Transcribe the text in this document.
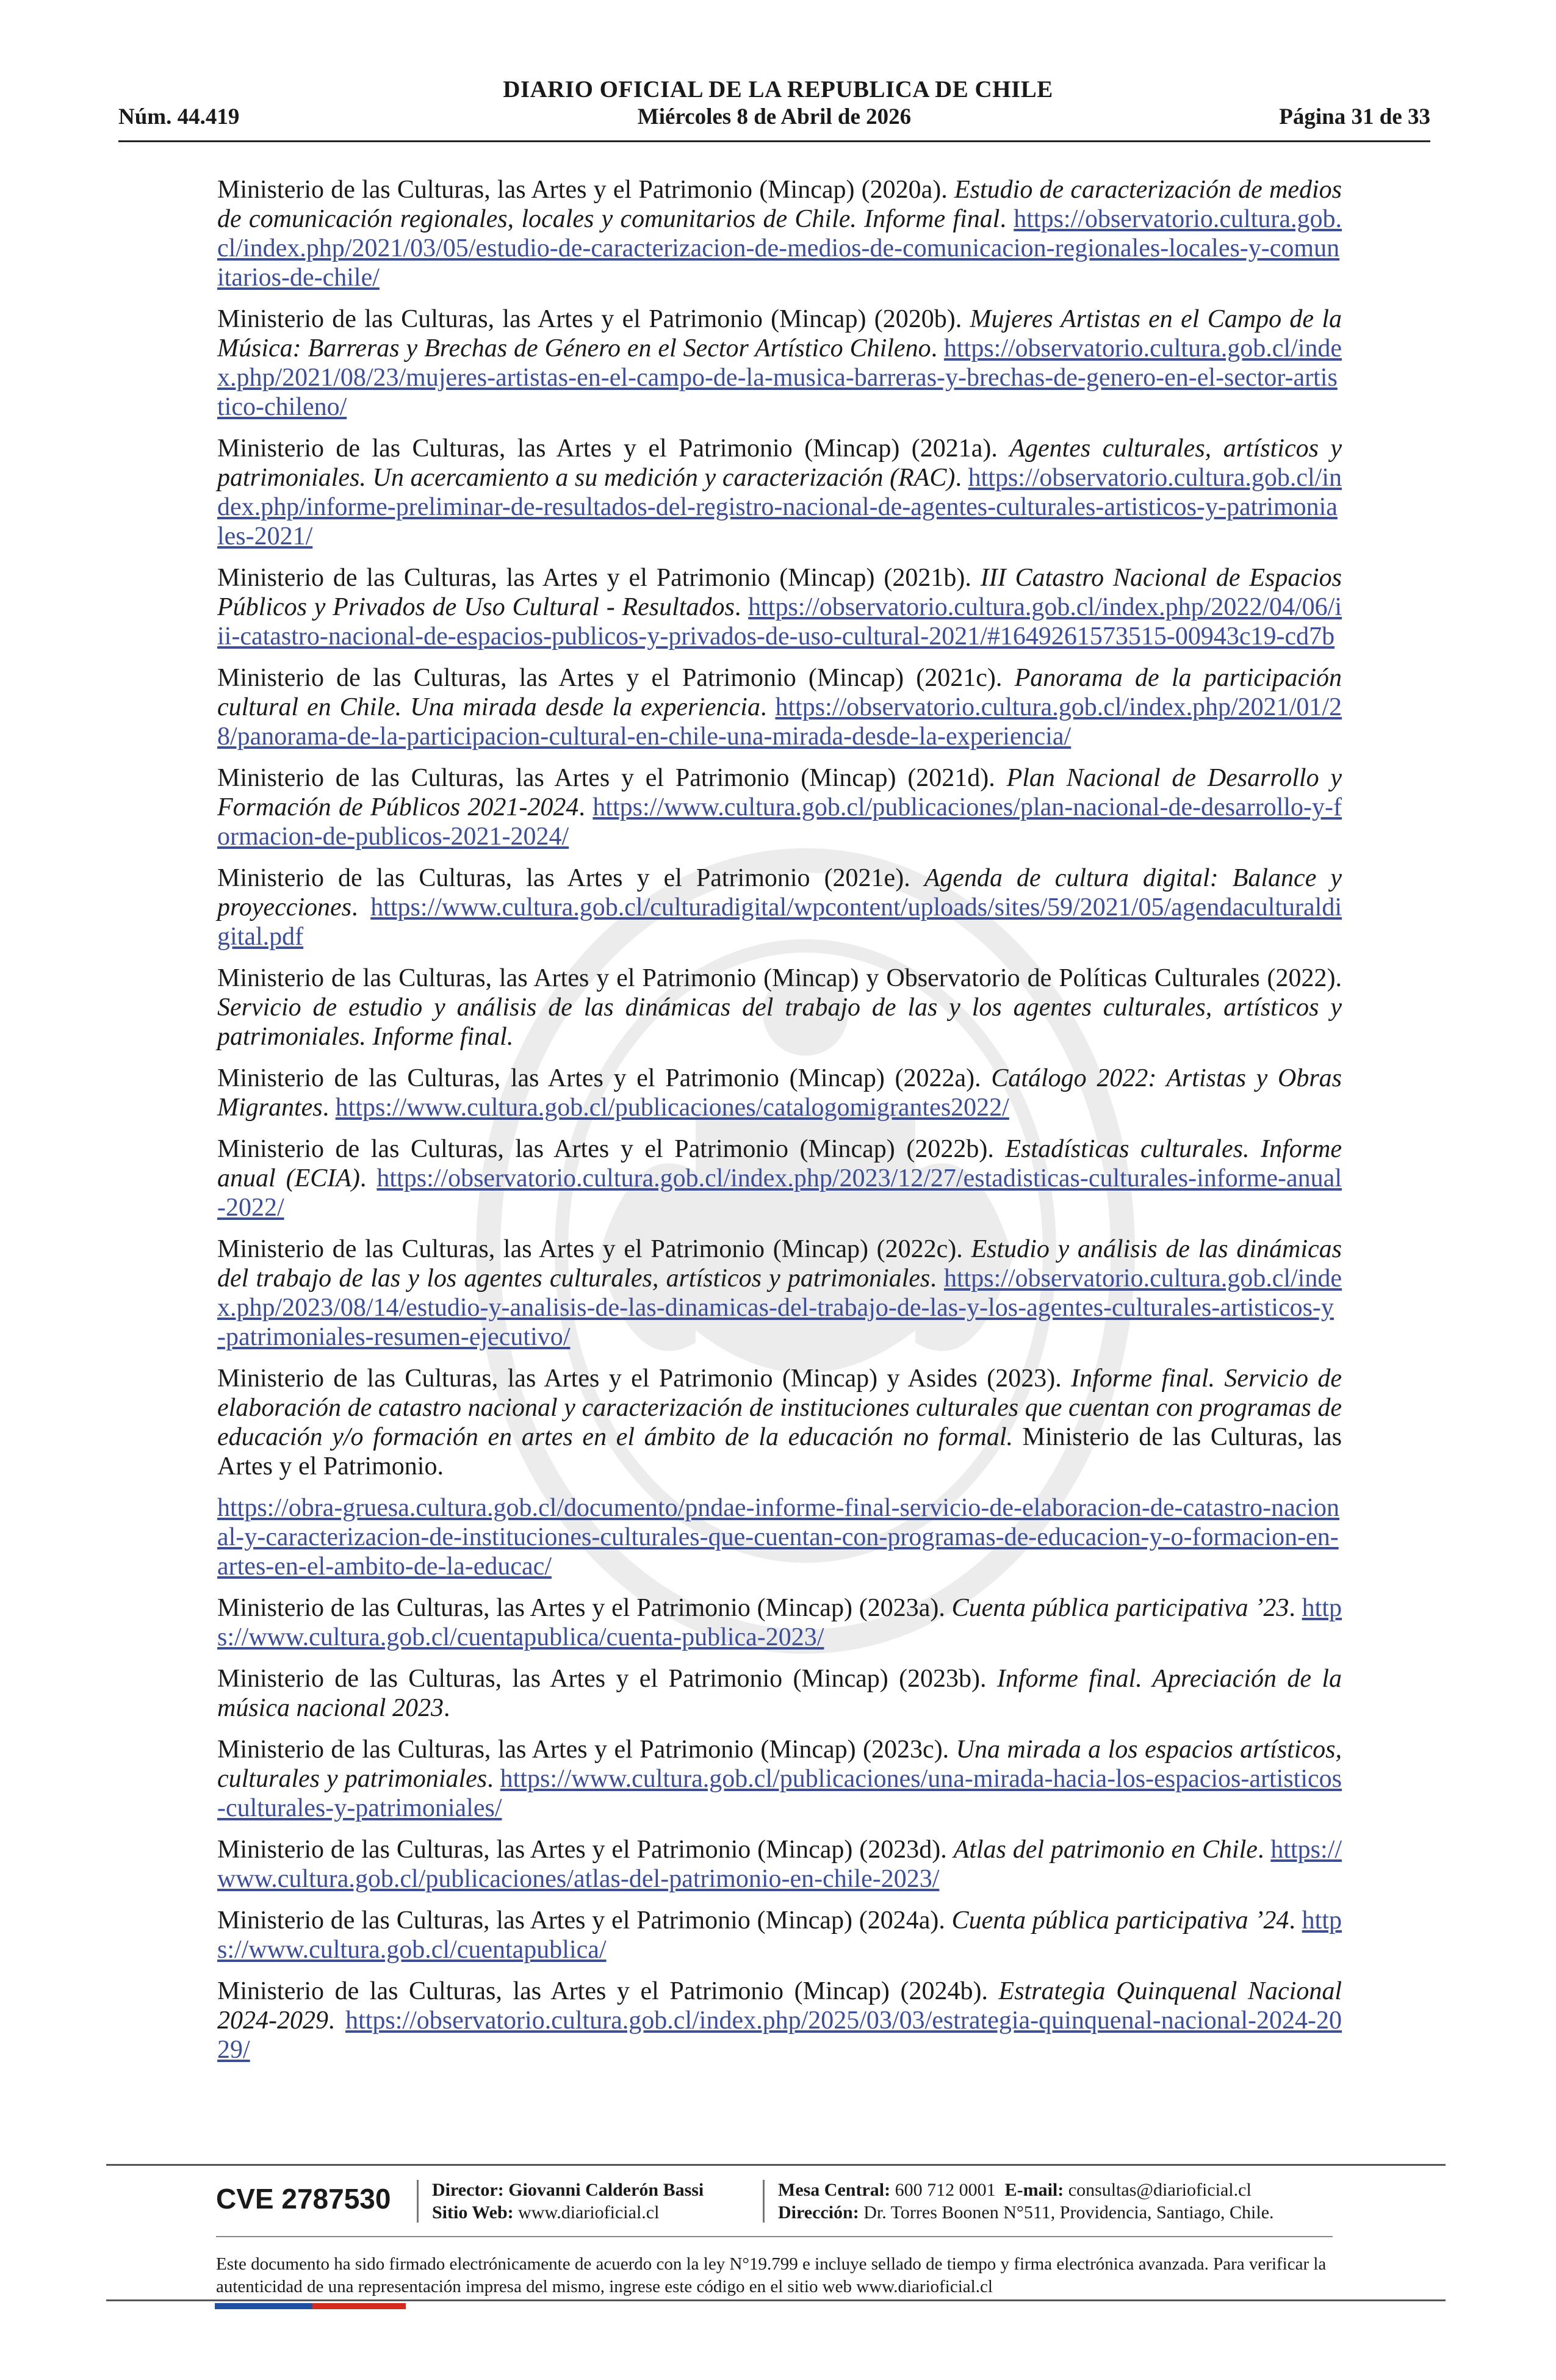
DIARIO OFICIAL DE LA REPUBLICA DE CHILE
Miércoles 8 de Abril de 2026
Núm. 44.419	Página 31 de 33

Ministerio de las Culturas, las Artes y el Patrimonio (Mincap) (2020a). Estudio de caracterización de medios de comunicación regionales, locales y comunitarios de Chile. Informe final. https://observatorio.cultura.gob.cl/index.php/2021/03/05/estudio-de-caracterizacion-de-medios-de-comunicacion-regionales-locales-y-comunitarios-de-chile/

Ministerio de las Culturas, las Artes y el Patrimonio (Mincap) (2020b). Mujeres Artistas en el Campo de la Música: Barreras y Brechas de Género en el Sector Artístico Chileno. https://observatorio.cultura.gob.cl/index.php/2021/08/23/mujeres-artistas-en-el-campo-de-la-musica-barreras-y-brechas-de-genero-en-el-sector-artistico-chileno/

Ministerio de las Culturas, las Artes y el Patrimonio (Mincap) (2021a). Agentes culturales, artísticos y patrimoniales. Un acercamiento a su medición y caracterización (RAC). https://observatorio.cultura.gob.cl/index.php/informe-preliminar-de-resultados-del-registro-nacional-de-agentes-culturales-artisticos-y-patrimoniales-2021/

Ministerio de las Culturas, las Artes y el Patrimonio (Mincap) (2021b). III Catastro Nacional de Espacios Públicos y Privados de Uso Cultural - Resultados. https://observatorio.cultura.gob.cl/index.php/2022/04/06/iii-catastro-nacional-de-espacios-publicos-y-privados-de-uso-cultural-2021/#1649261573515-00943c19-cd7b

Ministerio de las Culturas, las Artes y el Patrimonio (Mincap) (2021c). Panorama de la participación cultural en Chile. Una mirada desde la experiencia. https://observatorio.cultura.gob.cl/index.php/2021/01/28/panorama-de-la-participacion-cultural-en-chile-una-mirada-desde-la-experiencia/

Ministerio de las Culturas, las Artes y el Patrimonio (Mincap) (2021d). Plan Nacional de Desarrollo y Formación de Públicos 2021-2024. https://www.cultura.gob.cl/publicaciones/plan-nacional-de-desarrollo-y-formacion-de-publicos-2021-2024/

Ministerio de las Culturas, las Artes y el Patrimonio (2021e). Agenda de cultura digital: Balance y proyecciones. https://www.cultura.gob.cl/culturadigital/wpcontent/uploads/sites/59/2021/05/agendaculturaldigital.pdf

Ministerio de las Culturas, las Artes y el Patrimonio (Mincap) y Observatorio de Políticas Culturales (2022). Servicio de estudio y análisis de las dinámicas del trabajo de las y los agentes culturales, artísticos y patrimoniales. Informe final.

Ministerio de las Culturas, las Artes y el Patrimonio (Mincap) (2022a). Catálogo 2022: Artistas y Obras Migrantes. https://www.cultura.gob.cl/publicaciones/catalogomigrantes2022/

Ministerio de las Culturas, las Artes y el Patrimonio (Mincap) (2022b). Estadísticas culturales. Informe anual (ECIA). https://observatorio.cultura.gob.cl/index.php/2023/12/27/estadisticas-culturales-informe-anual-2022/

Ministerio de las Culturas, las Artes y el Patrimonio (Mincap) (2022c). Estudio y análisis de las dinámicas del trabajo de las y los agentes culturales, artísticos y patrimoniales. https://observatorio.cultura.gob.cl/index.php/2023/08/14/estudio-y-analisis-de-las-dinamicas-del-trabajo-de-las-y-los-agentes-culturales-artisticos-y-patrimoniales-resumen-ejecutivo/

Ministerio de las Culturas, las Artes y el Patrimonio (Mincap) y Asides (2023). Informe final. Servicio de elaboración de catastro nacional y caracterización de instituciones culturales que cuentan con programas de educación y/o formación en artes en el ámbito de la educación no formal. Ministerio de las Culturas, las Artes y el Patrimonio.

https://obra-gruesa.cultura.gob.cl/documento/pndae-informe-final-servicio-de-elaboracion-de-catastro-nacional-y-caracterizacion-de-instituciones-culturales-que-cuentan-con-programas-de-educacion-y-o-formacion-en-artes-en-el-ambito-de-la-educac/

Ministerio de las Culturas, las Artes y el Patrimonio (Mincap) (2023a). Cuenta pública participativa ’23. https://www.cultura.gob.cl/cuentapublica/cuenta-publica-2023/

Ministerio de las Culturas, las Artes y el Patrimonio (Mincap) (2023b). Informe final. Apreciación de la música nacional 2023.

Ministerio de las Culturas, las Artes y el Patrimonio (Mincap) (2023c). Una mirada a los espacios artísticos, culturales y patrimoniales. https://www.cultura.gob.cl/publicaciones/una-mirada-hacia-los-espacios-artisticos-culturales-y-patrimoniales/

Ministerio de las Culturas, las Artes y el Patrimonio (Mincap) (2023d). Atlas del patrimonio en Chile. https://www.cultura.gob.cl/publicaciones/atlas-del-patrimonio-en-chile-2023/

Ministerio de las Culturas, las Artes y el Patrimonio (Mincap) (2024a). Cuenta pública participativa ’24. https://www.cultura.gob.cl/cuentapublica/

Ministerio de las Culturas, las Artes y el Patrimonio (Mincap) (2024b). Estrategia Quinquenal Nacional 2024-2029. https://observatorio.cultura.gob.cl/index.php/2025/03/03/estrategia-quinquenal-nacional-2024-2029/

CVE 2787530 Director: Giovanni Calderón Bassi
Sitio Web: www.diarioficial.cl
Mesa Central: 600 712 0001 E-mail: consultas@diarioficial.cl
Dirección: Dr. Torres Boonen N°511, Providencia, Santiago, Chile.
Este documento ha sido firmado electrónicamente de acuerdo con la ley N°19.799 e incluye sellado de tiempo y firma electrónica avanzada. Para verificar la autenticidad de una representación impresa del mismo, ingrese este código en el sitio web www.diarioficial.cl
